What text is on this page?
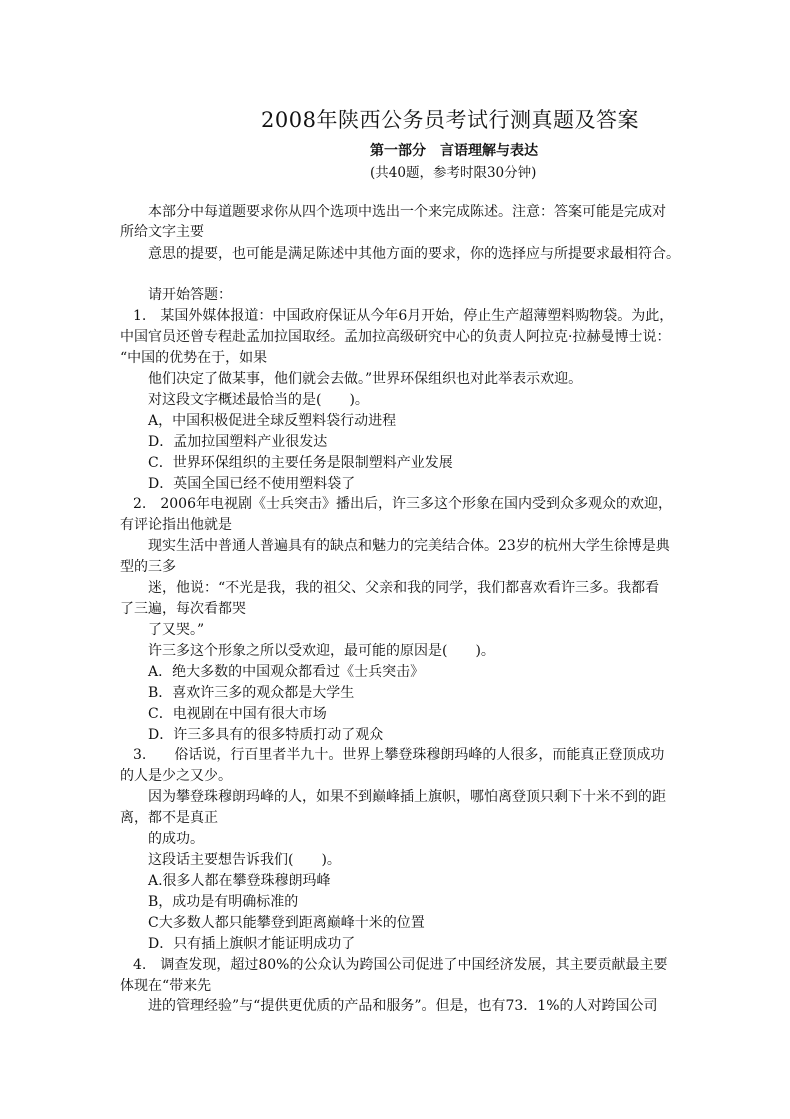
2008年陕西公务员考试行测真题及答案
第一部分　言语理解与表达
(共40题，参考时限30分钟)
本部分中每道题要求你从四个选项中选出一个来完成陈述。注意：答案可能是完成对
所给文字主要
意思的提要，也可能是满足陈述中其他方面的要求，你的选择应与所提要求最相符合。
请开始答题：
1.　某国外媒体报道：中国政府保证从今年6月开始，停止生产超薄塑料购物袋。为此，
中国官员还曾专程赴孟加拉国取经。孟加拉高级研究中心的负责人阿拉克·拉赫曼博士说：
“中国的优势在于，如果
他们决定了做某事，他们就会去做。”世界环保组织也对此举表示欢迎。
对这段文字概述最恰当的是(　　)。
A，中国积极促进全球反塑料袋行动进程
D．孟加拉国塑料产业很发达
C．世界环保组织的主要任务是限制塑料产业发展
D．英国全国已经不使用塑料袋了
2.　2006年电视剧《士兵突击》播出后，许三多这个形象在国内受到众多观众的欢迎，
有评论指出他就是
现实生活中普通人普遍具有的缺点和魅力的完美结合体。23岁的杭州大学生徐博是典
型的三多
迷，他说：“不光是我，我的祖父、父亲和我的同学，我们都喜欢看许三多。我都看
了三遍，每次看都哭
了又哭。”
许三多这个形象之所以受欢迎，最可能的原因是(　　)。
A．绝大多数的中国观众都看过《士兵突击》
B．喜欢许三多的观众都是大学生
C．电视剧在中国有很大市场
D．许三多具有的很多特质打动了观众
3.　　俗话说，行百里者半九十。世界上攀登珠穆朗玛峰的人很多，而能真正登顶成功
的人是少之又少。
因为攀登珠穆朗玛峰的人，如果不到巅峰插上旗帜，哪怕离登顶只剩下十米不到的距
离，都不是真正
的成功。
这段话主要想告诉我们(　　)。
A.很多人都在攀登珠穆朗玛峰
B，成功是有明确标准的
C大多数人都只能攀登到距离巅峰十米的位置
D．只有插上旗帜才能证明成功了
4.　调查发现，超过80%的公众认为跨国公司促进了中国经济发展，其主要贡献最主要
体现在“带来先
进的管理经验”与“提供更优质的产品和服务”。但是，也有73．1%的人对跨国公司
